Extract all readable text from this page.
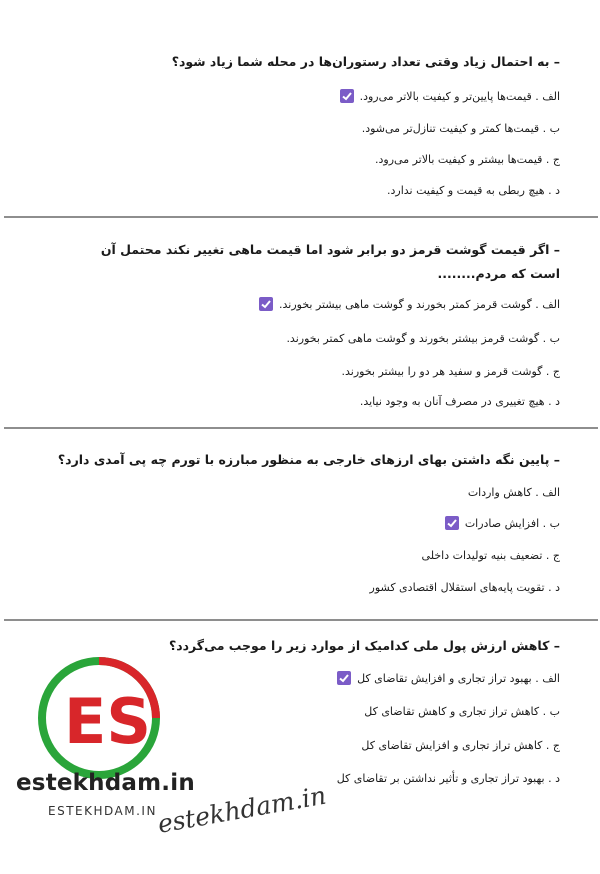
– به احتمال زیاد وقتی تعداد رستوران‌ها در محله شما زیاد شود؟
الف . قیمت‌ها پایین‌تر و کیفیت بالاتر می‌رود.
ب . قیمت‌ها کمتر و کیفیت تنازل‌تر می‌شود.
ج . قیمت‌ها بیشتر و کیفیت بالاتر می‌رود.
د . هیچ ربطی به قیمت و کیفیت ندارد.
– اگر قیمت گوشت قرمز دو برابر شود اما قیمت ماهی تغییر نکند محتمل آن است که مردم........
الف . گوشت قرمز کمتر بخورند و گوشت ماهی بیشتر بخورند.
ب . گوشت قرمز بیشتر بخورند و گوشت ماهی کمتر بخورند.
ج . گوشت قرمز و سفید هر دو را بیشتر بخورند.
د . هیچ تغییری در مصرف آنان به وجود نیاید.
– پایین نگه داشتن بهای ارزهای خارجی به منظور مبارزه با تورم چه پی آمدی دارد؟
الف . کاهش واردات
ب . افزایش صادرات
ج . تضعیف بنیه تولیدات داخلی
د . تقویت پایه‌های استقلال اقتصادی کشور
– کاهش ارزش پول ملی کدامیک از موارد زیر را موجب می‌گردد؟
الف . بهبود تراز تجاری و افزایش تقاضای کل
ب . کاهش تراز تجاری و کاهش تقاضای کل
ج . کاهش تراز تجاری و افزایش تقاضای کل
د . بهبود تراز تجاری و تأثیر نداشتن بر تقاضای کل
ES
estekhdam.in
ESTEKHDAM.IN
estekhdam.in
